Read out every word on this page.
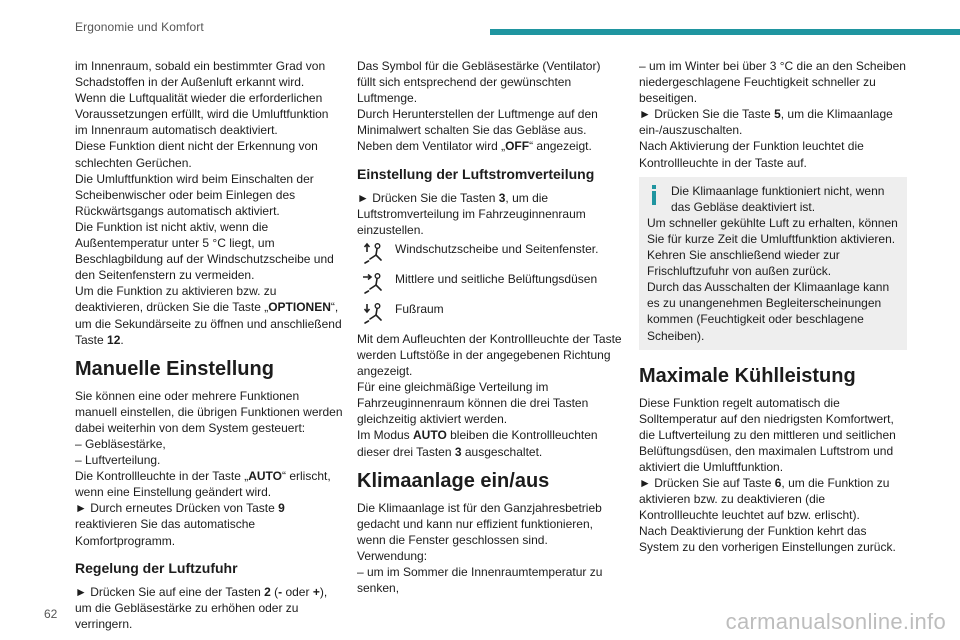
Ergonomie und Komfort

im Innenraum, sobald ein bestimmter Grad von Schadstoffen in der Außenluft erkannt wird.

Wenn die Luftqualität wieder die erforderlichen Voraussetzungen erfüllt, wird die Umluftfunktion im Innenraum automatisch deaktiviert.

Diese Funktion dient nicht der Erkennung von schlechten Gerüchen.

Die Umluftfunktion wird beim Einschalten der Scheibenwischer oder beim Einlegen des Rückwärtsgangs automatisch aktiviert.

Die Funktion ist nicht aktiv, wenn die Außentemperatur unter 5 °C liegt, um Beschlagbildung auf der Windschutzscheibe und den Seitenfenstern zu vermeiden.

Um die Funktion zu aktivieren bzw. zu deaktivieren, drücken Sie die Taste „OPTIONEN“, um die Sekundärseite zu öffnen und anschließend Taste 12.

Manuelle Einstellung

Sie können eine oder mehrere Funktionen manuell einstellen, die übrigen Funktionen werden dabei weiterhin von dem System gesteuert:

– Gebläsestärke,

– Luftverteilung.

Die Kontrollleuchte in der Taste „AUTO“ erlischt, wenn eine Einstellung geändert wird.

► Durch erneutes Drücken von Taste 9 reaktivieren Sie das automatische Komfortprogramm.

Regelung der Luftzufuhr

► Drücken Sie auf eine der Tasten 2 (- oder +), um die Gebläsestärke zu erhöhen oder zu verringern.

Das Symbol für die Gebläsestärke (Ventilator) füllt sich entsprechend der gewünschten Luftmenge.

Durch Herunterstellen der Luftmenge auf den Minimalwert schalten Sie das Gebläse aus.

Neben dem Ventilator wird „OFF“ angezeigt.

Einstellung der Luftstromverteilung

► Drücken Sie die Tasten 3, um die Luftstromverteilung im Fahrzeuginnenraum einzustellen.

Windschutzscheibe und Seitenfenster.
Mittlere und seitliche Belüftungsdüsen
Fußraum

Mit dem Aufleuchten der Kontrollleuchte der Taste werden Luftstöße in der angegebenen Richtung angezeigt.

Für eine gleichmäßige Verteilung im Fahrzeuginnenraum können die drei Tasten gleichzeitig aktiviert werden.

Im Modus AUTO bleiben die Kontrollleuchten dieser drei Tasten 3 ausgeschaltet.

Klimaanlage ein/aus

Die Klimaanlage ist für den Ganzjahresbetrieb gedacht und kann nur effizient funktionieren, wenn die Fenster geschlossen sind.

Verwendung:

– um im Sommer die Innenraumtemperatur zu senken,

– um im Winter bei über 3 °C die an den Scheiben niedergeschlagene Feuchtigkeit schneller zu beseitigen.

► Drücken Sie die Taste 5, um die Klimaanlage ein-/auszuschalten.

Nach Aktivierung der Funktion leuchtet die Kontrollleuchte in der Taste auf.

Die Klimaanlage funktioniert nicht, wenn das Gebläse deaktiviert ist.

Um schneller gekühlte Luft zu erhalten, können Sie für kurze Zeit die Umluftfunktion aktivieren. Kehren Sie anschließend wieder zur Frischluftzufuhr von außen zurück.

Durch das Ausschalten der Klimaanlage kann es zu unangenehmen Begleiterscheinungen kommen (Feuchtigkeit oder beschlagene Scheiben).

Maximale Kühlleistung

Diese Funktion regelt automatisch die Solltemperatur auf den niedrigsten Komfortwert, die Luftverteilung zu den mittleren und seitlichen Belüftungsdüsen, den maximalen Luftstrom und aktiviert die Umluftfunktion.

► Drücken Sie auf Taste 6, um die Funktion zu aktivieren bzw. zu deaktivieren (die Kontrollleuchte leuchtet auf bzw. erlischt).

Nach Deaktivierung der Funktion kehrt das System zu den vorherigen Einstellungen zurück.

62	carmanualsonline.info
